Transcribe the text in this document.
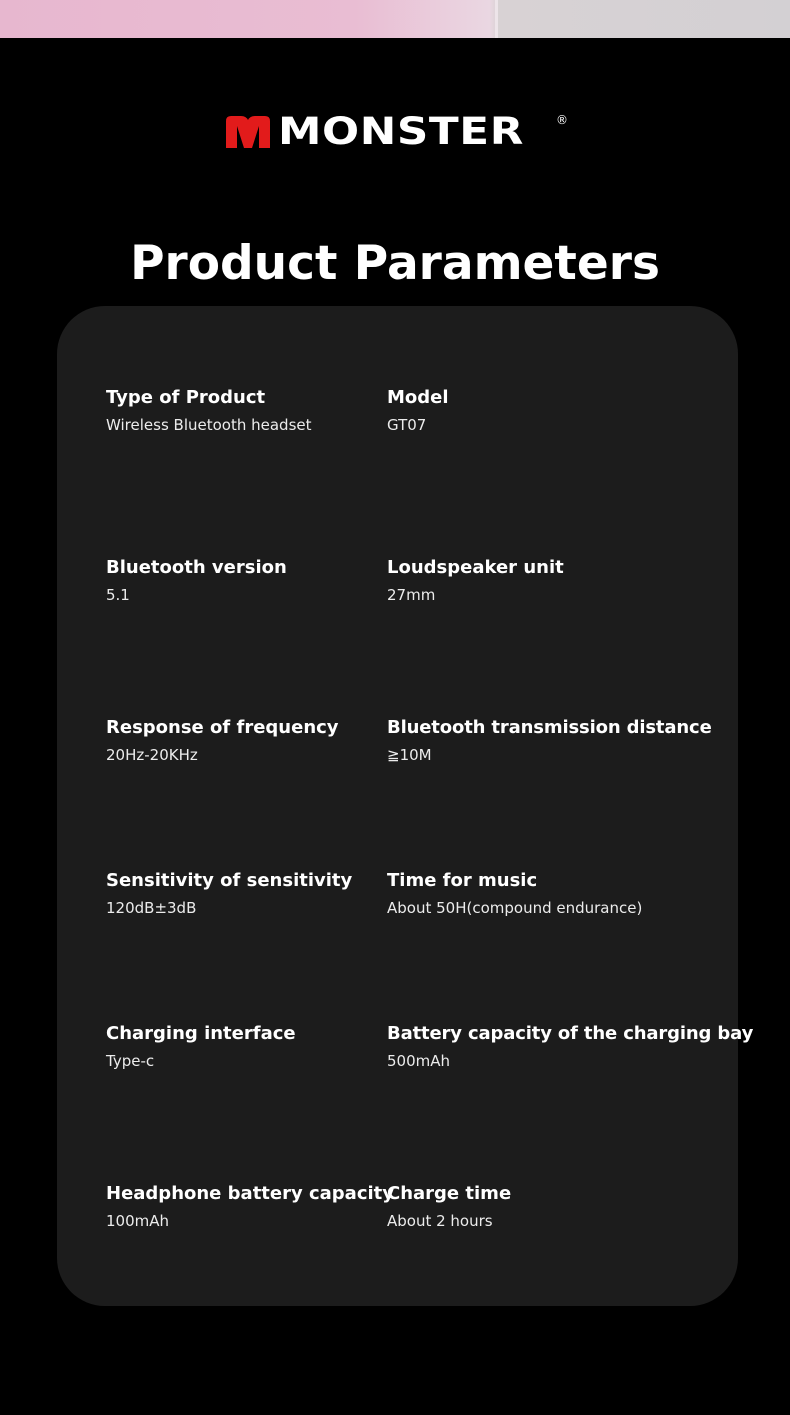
MONSTER	®
Product Parameters
Type of Product
Wireless Bluetooth headset
Model
GT07
Bluetooth version
5.1
Loudspeaker unit
27mm
Response of frequency
20Hz-20KHz
Bluetooth transmission distance
≧10M
Sensitivity of sensitivity
120dB±3dB
Time for music
About 50H(compound endurance)
Charging interface
Type-c
Battery capacity of the charging bay
500mAh
Headphone battery capacity
100mAh
Charge time
About 2 hours
